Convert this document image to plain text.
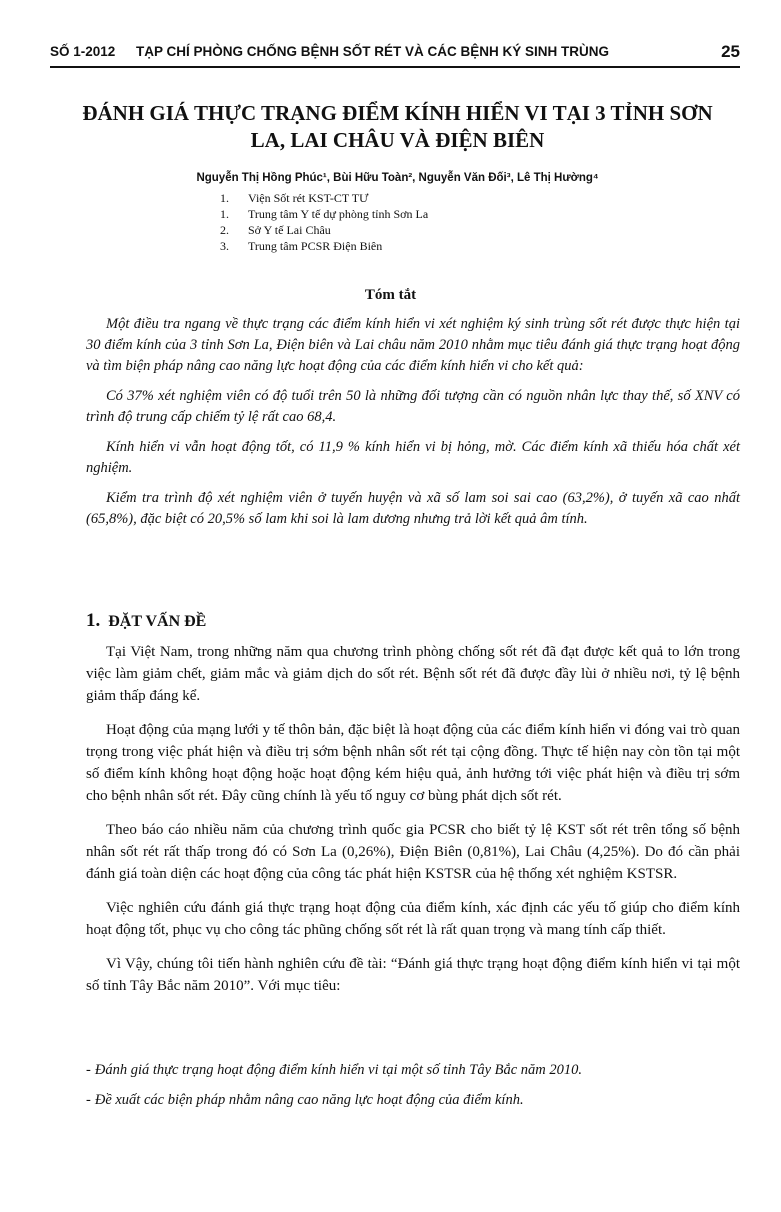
SỐ 1-2012 TẠP CHÍ PHÒNG CHỐNG BỆNH SỐT RÉT VÀ CÁC BỆNH KÝ SINH TRÙNG	25
ĐÁNH GIÁ THỰC TRẠNG ĐIỂM KÍNH HIỂN VI TẠI 3 TỈNH SƠN
LA, LAI CHÂU VÀ ĐIỆN BIÊN
Nguyễn Thị Hồng Phúc¹, Bùi Hữu Toàn², Nguyễn Văn Đối³, Lê Thị Hường⁴
1. Viện Sốt rét KST-CT TƯ
1. Trung tâm Y tế dự phòng tỉnh Sơn La
2. Sở Y tế Lai Châu
3. Trung tâm PCSR Điện Biên
Tóm tắt

Một điều tra ngang về thực trạng các điểm kính hiển vi xét nghiệm ký sinh trùng sốt rét được thực hiện tại 30 điểm kính của 3 tỉnh Sơn La, Điện biên và Lai châu năm 2010 nhằm mục tiêu đánh giá thực trạng hoạt động và tìm biện pháp nâng cao năng lực hoạt động của các điểm kính hiển vi cho kết quả:

Có 37% xét nghiệm viên có độ tuổi trên 50 là những đối tượng cần có nguồn nhân lực thay thế, số XNV có trình độ trung cấp chiếm tỷ lệ rất cao 68,4.

Kính hiển vi vẫn hoạt động tốt, có 11,9 % kính hiển vi bị hỏng, mờ. Các điểm kính xã thiếu hóa chất xét nghiệm.

Kiểm tra trình độ xét nghiệm viên ở tuyến huyện và xã số lam soi sai cao (63,2%), ở tuyến xã cao nhất (65,8%), đặc biệt có 20,5% số lam khi soi là lam dương nhưng trả lời kết quả âm tính.

1. ĐẶT VẤN ĐỀ

Tại Việt Nam, trong những năm qua chương trình phòng chống sốt rét đã đạt được kết quả to lớn trong việc làm giảm chết, giảm mắc và giảm dịch do sốt rét. Bệnh sốt rét đã được đầy lùi ở nhiều nơi, tỷ lệ bệnh giảm thấp đáng kể.

Hoạt động của mạng lưới y tế thôn bản, đặc biệt là hoạt động của các điểm kính hiển vi đóng vai trò quan trọng trong việc phát hiện và điều trị sớm bệnh nhân sốt rét tại cộng đồng. Thực tế hiện nay còn tồn tại một số điểm kính không hoạt động hoặc hoạt động kém hiệu quả, ảnh hưởng tới việc phát hiện và điều trị sớm cho bệnh nhân sốt rét. Đây cũng chính là yếu tố nguy cơ bùng phát dịch sốt rét.

Theo báo cáo nhiều năm của chương trình quốc gia PCSR cho biết tỷ lệ KST sốt rét trên tổng số bệnh nhân sốt rét rất thấp trong đó có Sơn La (0,26%), Điện Biên (0,81%), Lai Châu (4,25%). Do đó cần phải đánh giá toàn diện các hoạt động của công tác phát hiện KSTSR của hệ thống xét nghiệm KSTSR.

Việc nghiên cứu đánh giá thực trạng hoạt động của điểm kính, xác định các yếu tố giúp cho điểm kính hoạt động tốt, phục vụ cho công tác phũng chống sốt rét là rất quan trọng và mang tính cấp thiết.

Vì Vậy, chúng tôi tiến hành nghiên cứu đề tài: “Đánh giá thực trạng hoạt động điểm kính hiển vi tại một số tỉnh Tây Bắc năm 2010”. Với mục tiêu:

- Đánh giá thực trạng hoạt động điểm kính hiển vi tại một số tỉnh Tây Bắc năm 2010.
- Đề xuất các biện pháp nhằm nâng cao năng lực hoạt động của điểm kính.
